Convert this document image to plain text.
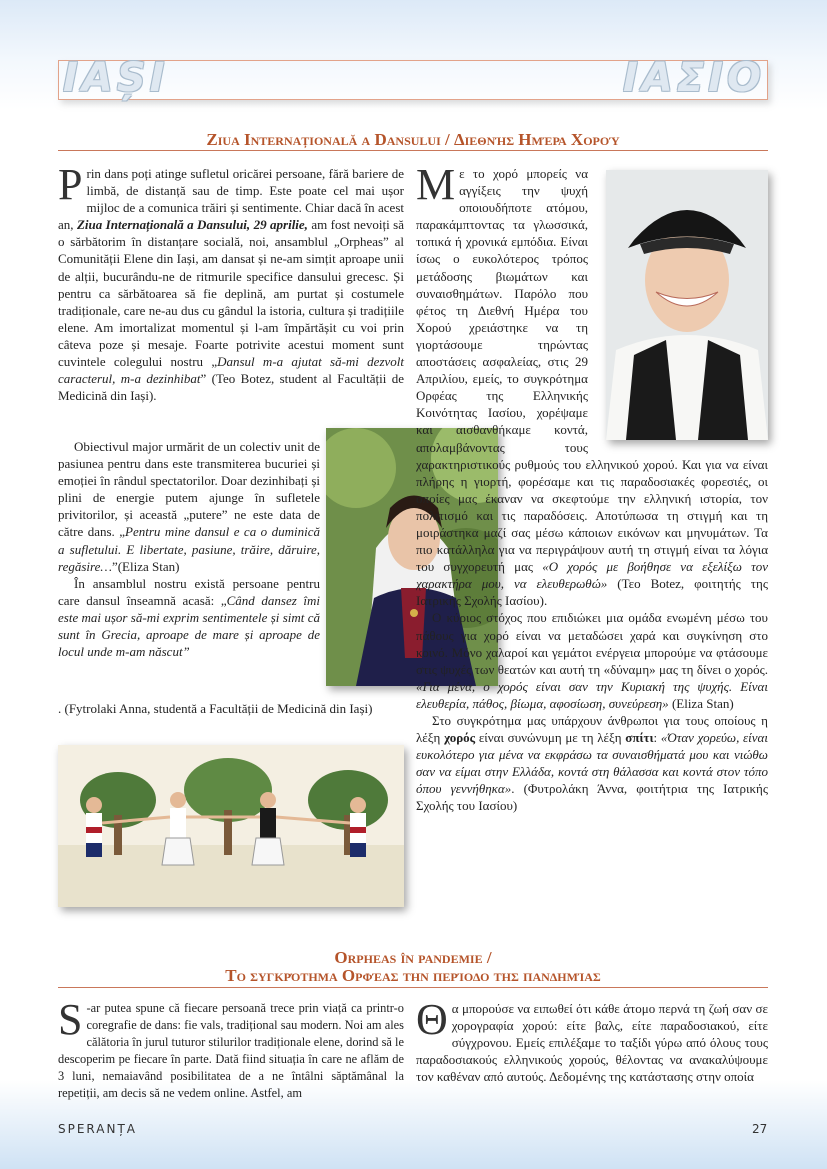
IAȘI	ΙΑΣΙΟ
Ziua Internațională a Dansului / Διεθνής Ημέρα Χορού

Prin dans poți atinge sufletul oricărei persoane, fără bariere de limbă, de distanță sau de timp. Este poate cel mai ușor mijloc de a comunica trăiri și sentimente. Chiar dacă în acest an, Ziua Internațională a Dansului, 29 aprilie, am fost nevoiți să o sărbătorim în distanțare socială, noi, ansamblul „Orpheas” al Comunității Elene din Iași, am dansat și ne-am simțit aproape unii de alții, bucurându-ne de ritmurile specifice dansului grecesc. Și pentru ca sărbătoarea să fie deplină, am purtat și costumele tradiționale, care ne-au dus cu gândul la istoria, cultura și tradițiile elene. Am imortalizat momentul și l-am împărtășit cu voi prin câteva poze și mesaje. Foarte potrivite acestui moment sunt cuvintele colegului nostru „Dansul m-a ajutat să-mi dezvolt caracterul, m-a dezinhibat” (Teo Botez, student al Facultății de Medicină din Iași).

Obiectivul major urmărit de un colectiv unit de pasiunea pentru dans este transmiterea bucuriei și emoției în rândul spectatorilor. Doar dezinhibați și plini de energie putem ajunge în sufletele privitorilor, și această „putere” ne este data de către dans. „Pentru mine dansul e ca o duminică a sufletului. E libertate, pasiune, trăire, dăruire, regăsire…”(Eliza Stan)

În ansamblul nostru există persoane pentru care dansul înseamnă acasă: „Când dansez îmi este mai ușor să-mi exprim sentimentele și simt că sunt în Grecia, aproape de mare și aproape de locul unde m-am născut”

. (Fytrolaki Anna, studentă a Facultății de Medicină din Iași)

Με το χορό μπορείς να αγγίξεις την ψυχή οποιουδήποτε ατόμου, παρακάμπτοντας τα γλωσσικά, τοπικά ή χρονικά εμπόδια. Είναι ίσως ο ευκολότερος τρόπος μετάδοσης βιωμάτων και συναισθημάτων. Παρόλο που φέτος τη Διεθνή Ημέρα του Χορού χρειάστηκε να τη γιορτάσουμε τηρώντας αποστάσεις ασφαλείας, στις 29 Απριλίου, εμείς, το συγκρότημα Ορφέας της Ελληνικής Κοινότητας Ιασίου, χορέψαμε και αισθανθήκαμε κοντά, απολαμβάνοντας τους χαρακτηριστικούς ρυθμούς του ελληνικού χορού. Και για να είναι πλήρης η γιορτή, φορέσαμε και τις παραδοσιακές φορεσιές, οι οποίες μας έκαναν να σκεφτούμε την ελληνική ιστορία, τον πολιτισμό και τις παραδόσεις. Αποτύπωσα τη στιγμή και τη μοιράστηκα μαζί σας μέσω κάποιων εικόνων και μηνυμάτων. Τα πιο κατάλληλα για να περιγράψουν αυτή τη στιγμή είναι τα λόγια του συγχορευτή μας «Ο χορός με βοήθησε να εξελίξω τον χαρακτήρα μου, να ελευθερωθώ» (Τεο Botez, φοιτητής της Ιατρικής Σχολής Ιασίου).

Ο κύριος στόχος που επιδιώκει μια ομάδα ενωμένη μέσω του πάθους για χορό είναι να μεταδώσει χαρά και συγκίνηση στο κοινό. Μόνο χαλαροί και γεμάτοι ενέργεια μπορούμε να φτάσουμε στις ψυχές των θεατών και αυτή τη «δύναμη» μας τη δίνει ο χορός. «Για μένα, ο χορός είναι σαν την Κυριακή της ψυχής. Είναι ελευθερία, πάθος, βίωμα, αφοσίωση, συνεύρεση» (Eliza Stan)

Στο συγκρότημα μας υπάρχουν άνθρωποι για τους οποίους η λέξη χορός είναι συνώνυμη με τη λέξη σπίτι: «Όταν χορεύω, είναι ευκολότερο για μένα να εκφράσω τα συναισθήματά μου και νιώθω σαν να είμαι στην Ελλάδα, κοντά στη θάλασσα και κοντά στον τόπο όπου γεννήθηκα». (Φυτρολάκη Άννα, φοιτήτρια της Ιατρικής Σχολής του Ιασίου)

Orpheas în pandemie /
Το συγκρότημα Ορφέας την περίοδο της πανδημίας

S -ar putea spune că fiecare persoană trece prin viață ca printr-o coregrafie de dans: fie vals, tradițional sau modern. Noi am ales călătoria în jurul tuturor stilurilor tradiționale elene, dorind să le descoperim pe fiecare în parte. Dată fiind situația în care ne aflăm de 3 luni, nemaiavând posibilitatea de a ne întâlni săptămânal la repetiții, am decis să ne vedem online. Astfel, am

Θα μπορούσε να ειπωθεί ότι κάθε άτομο περνά τη ζωή σαν σε χορογραφία χορού: είτε βαλς, είτε παραδοσιακού, είτε σύγχρονου. Εμείς επιλέξαμε το ταξίδι γύρω από όλους τους παραδοσιακούς ελληνικούς χορούς, θέλοντας να ανακαλύψουμε τον καθέναν από αυτούς. Δεδομένης της κατάστασης στην οποία

SPERANȚA	27
